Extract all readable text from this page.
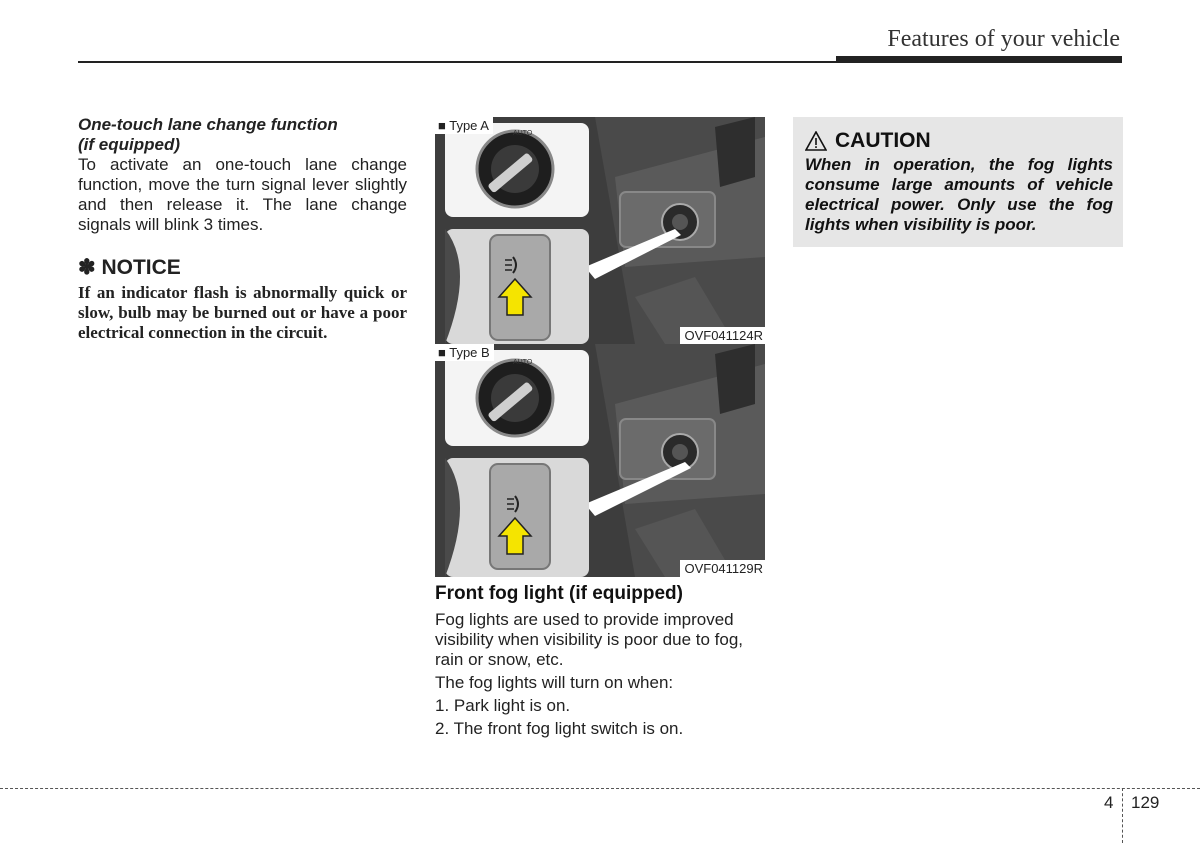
Features of your vehicle
One-touch lane change function
(if equipped)

To activate an one-touch lane change function, move the turn signal lever slightly and then release it. The lane change signals will blink 3 times.

✽ NOTICE

If an indicator flash is abnormally quick or slow, bulb may be burned out or have a poor electrical connection in the circuit.

AUTO
■ Type A
OVF041124R
AUTO
■ Type B
OVF041129R
Front fog light (if equipped)

Fog lights are used to provide improved visibility when visibility is poor due to fog, rain or snow, etc.

The fog lights will turn on when:

1. Park light is on.

2. The front fog light switch is on.

CAUTION

When in operation, the fog lights consume large amounts of vehicle electrical power. Only use the fog lights when visibility is poor.

4 129
